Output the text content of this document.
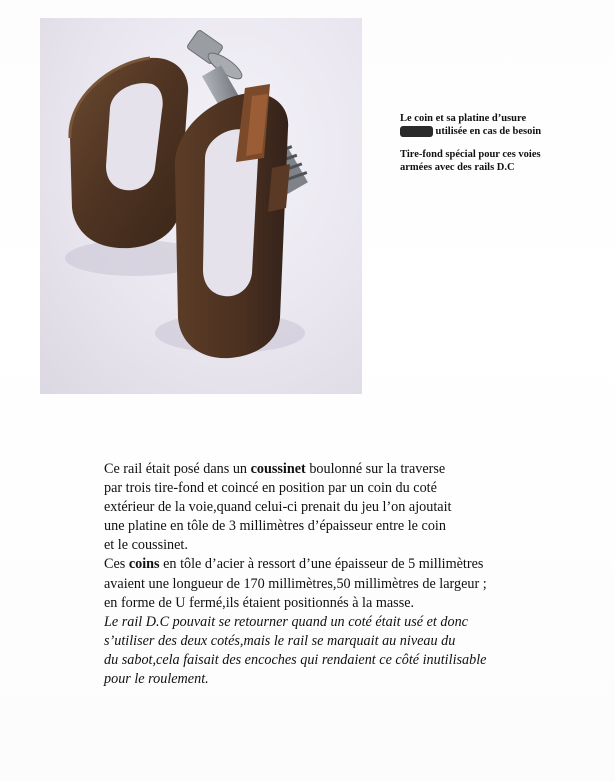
Le coin et sa platine d’usure
platine utilisée en cas de besoin

Tire-fond spécial pour ces voies
armées avec des rails D.C

Ce rail était posé dans un coussinet boulonné sur la traverse
par trois tire-fond et coincé en position par un coin du coté
extérieur de la voie,quand celui-ci prenait du jeu l’on ajoutait
une platine en tôle de 3 millimètres d’épaisseur entre le coin
et le coussinet.
Ces coins en tôle d’acier à ressort d’une épaisseur de 5 millimètres
avaient une longueur de 170 millimètres,50 millimètres de largeur ;
en forme de U fermé,ils étaient positionnés à la masse.
Le rail D.C pouvait se retourner quand un coté était usé et donc
s’utiliser des deux cotés,mais le rail se marquait au niveau du
du sabot,cela faisait des encoches qui rendaient ce côté inutilisable
pour le roulement.
